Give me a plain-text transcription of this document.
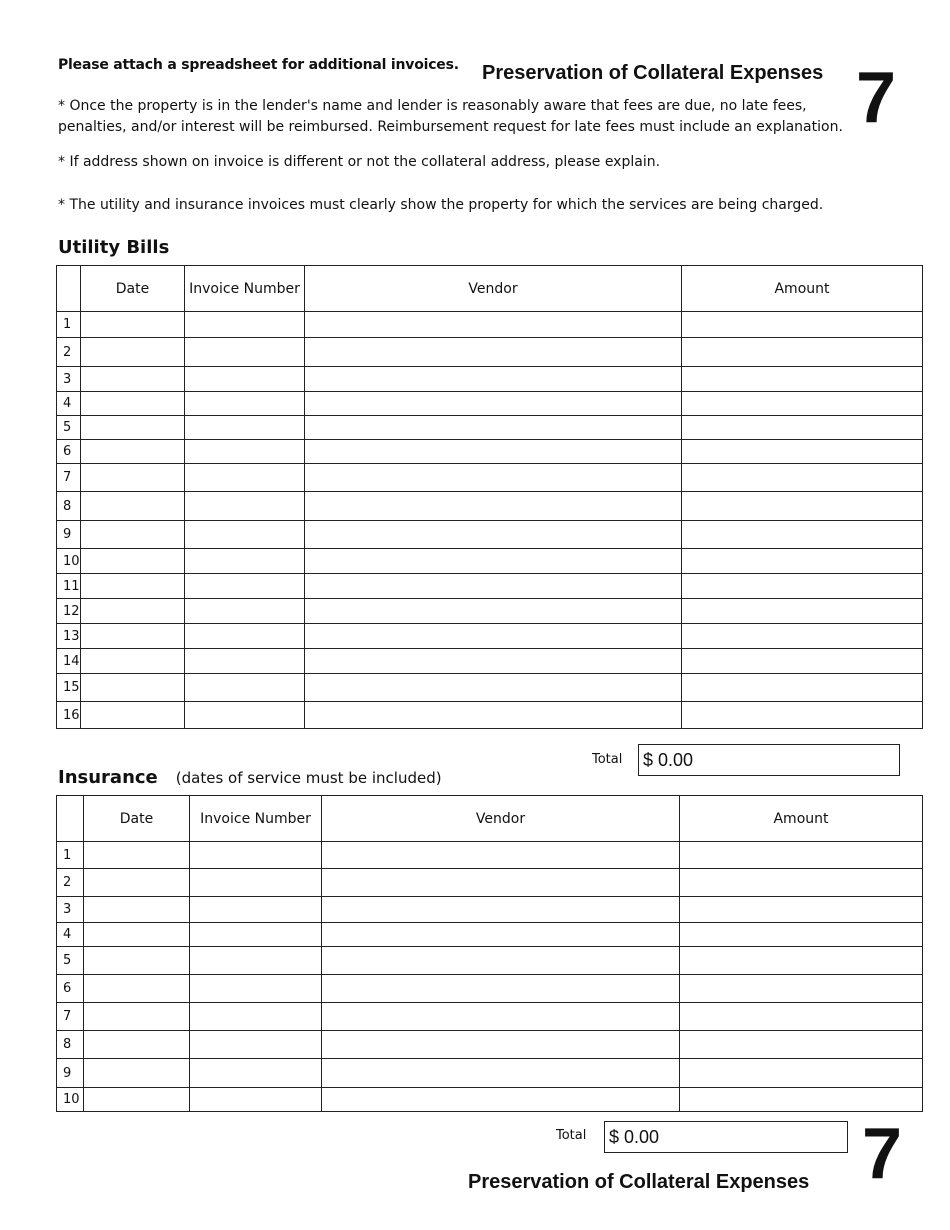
Please attach a spreadsheet for additional invoices. Preservation of Collateral Expenses 7
* Once the property is in the lender's name and lender is reasonably aware that fees are due, no late fees, penalties, and/or interest will be reimbursed. Reimbursement request for late fees must include an explanation.
* If address shown on invoice is different or not the collateral address, please explain.
* The utility and insurance invoices must clearly show the property for which the services are being charged.
Utility Bills
	Date	Invoice Number	Vendor	Amount
1				
2				
3				
4				
5				
6				
7				
8				
9				
10				
11				
12				
13				
14				
15				
16				
Total $ 0.00
Insurance (dates of service must be included)
	Date	Invoice Number	Vendor	Amount
1				
2				
3				
4				
5				
6				
7				
8				
9				
10				
Total $ 0.00
Preservation of Collateral Expenses 7
